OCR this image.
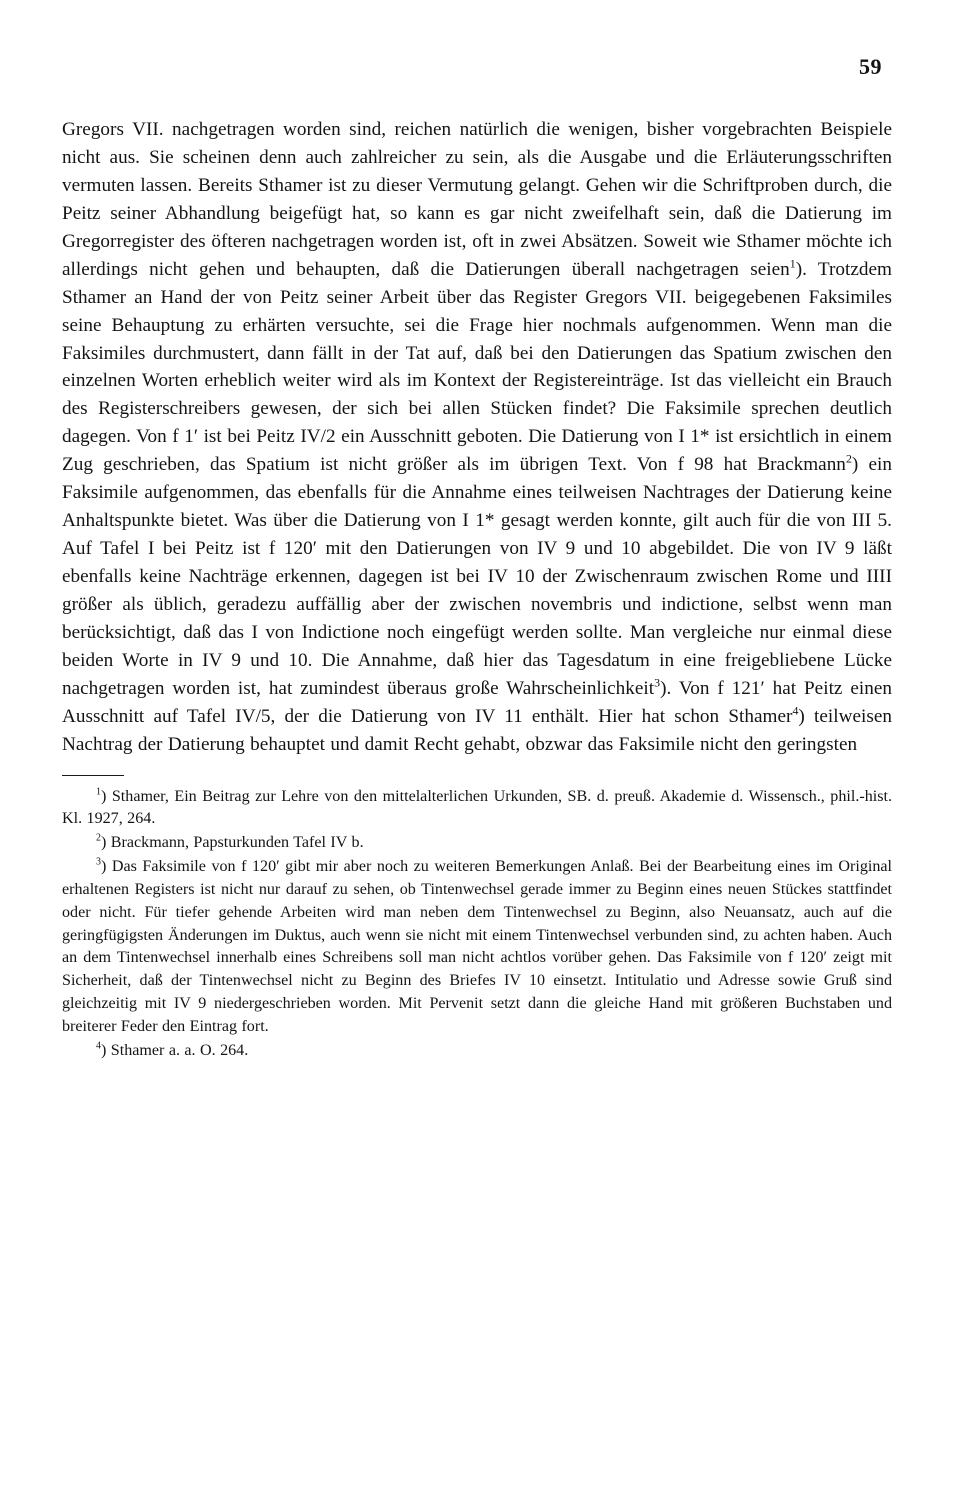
59

Gregors VII. nachgetragen worden sind, reichen natürlich die wenigen, bisher vorgebrachten Beispiele nicht aus. Sie scheinen denn auch zahlreicher zu sein, als die Ausgabe und die Erläuterungsschriften vermuten lassen. Bereits Sthamer ist zu dieser Vermutung gelangt. Gehen wir die Schriftproben durch, die Peitz seiner Abhandlung beigefügt hat, so kann es gar nicht zweifelhaft sein, daß die Datierung im Gregorregister des öfteren nachgetragen worden ist, oft in zwei Absätzen. Soweit wie Sthamer möchte ich allerdings nicht gehen und behaupten, daß die Datierungen überall nachgetragen seien$^1$). Trotzdem Sthamer an Hand der von Peitz seiner Arbeit über das Register Gregors VII. beigegebenen Faksimiles seine Behauptung zu erhärten versuchte, sei die Frage hier nochmals aufgenommen. Wenn man die Faksimiles durchmustert, dann fällt in der Tat auf, daß bei den Datierungen das Spatium zwischen den einzelnen Worten erheblich weiter wird als im Kontext der Registereinträge. Ist das vielleicht ein Brauch des Registerschreibers gewesen, der sich bei allen Stücken findet? Die Faksimile sprechen deutlich dagegen. Von f 1′ ist bei Peitz IV/2 ein Ausschnitt geboten. Die Datierung von I 1* ist ersichtlich in einem Zug geschrieben, das Spatium ist nicht größer als im übrigen Text. Von f 98 hat Brackmann$^2$) ein Faksimile aufgenommen, das ebenfalls für die Annahme eines teilweisen Nachtrages der Datierung keine Anhaltspunkte bietet. Was über die Datierung von I 1* gesagt werden konnte, gilt auch für die von III 5. Auf Tafel I bei Peitz ist f 120′ mit den Datierungen von IV 9 und 10 abgebildet. Die von IV 9 läßt ebenfalls keine Nachträge erkennen, dagegen ist bei IV 10 der Zwischenraum zwischen Rome und IIII größer als üblich, geradezu auffällig aber der zwischen novembris und indictione, selbst wenn man berücksichtigt, daß das I von Indictione noch eingefügt werden sollte. Man vergleiche nur einmal diese beiden Worte in IV 9 und 10. Die Annahme, daß hier das Tagesdatum in eine freigebliebene Lücke nachgetragen worden ist, hat zumindest überaus große Wahrscheinlichkeit$^3$). Von f 121′ hat Peitz einen Ausschnitt auf Tafel IV/5, der die Datierung von IV 11 enthält. Hier hat schon Sthamer$^4$) teilweisen Nachtrag der Datierung behauptet und damit Recht gehabt, obzwar das Faksimile nicht den geringsten

$^1$) Sthamer, Ein Beitrag zur Lehre von den mittelalterlichen Urkunden, SB. d. preuß. Akademie d. Wissensch., phil.-hist. Kl. 1927, 264.

$^2$) Brackmann, Papsturkunden Tafel IV b.

$^3$) Das Faksimile von f 120′ gibt mir aber noch zu weiteren Bemerkungen Anlaß. Bei der Bearbeitung eines im Original erhaltenen Registers ist nicht nur darauf zu sehen, ob Tintenwechsel gerade immer zu Beginn eines neuen Stückes stattfindet oder nicht. Für tiefer gehende Arbeiten wird man neben dem Tintenwechsel zu Beginn, also Neuansatz, auch auf die geringfügigsten Änderungen im Duktus, auch wenn sie nicht mit einem Tintenwechsel verbunden sind, zu achten haben. Auch an dem Tintenwechsel innerhalb eines Schreibens soll man nicht achtlos vorüber gehen. Das Faksimile von f 120′ zeigt mit Sicherheit, daß der Tintenwechsel nicht zu Beginn des Briefes IV 10 einsetzt. Intitulatio und Adresse sowie Gruß sind gleichzeitig mit IV 9 niedergeschrieben worden. Mit Pervenit setzt dann die gleiche Hand mit größeren Buchstaben und breiterer Feder den Eintrag fort.

$^4$) Sthamer a. a. O. 264.
